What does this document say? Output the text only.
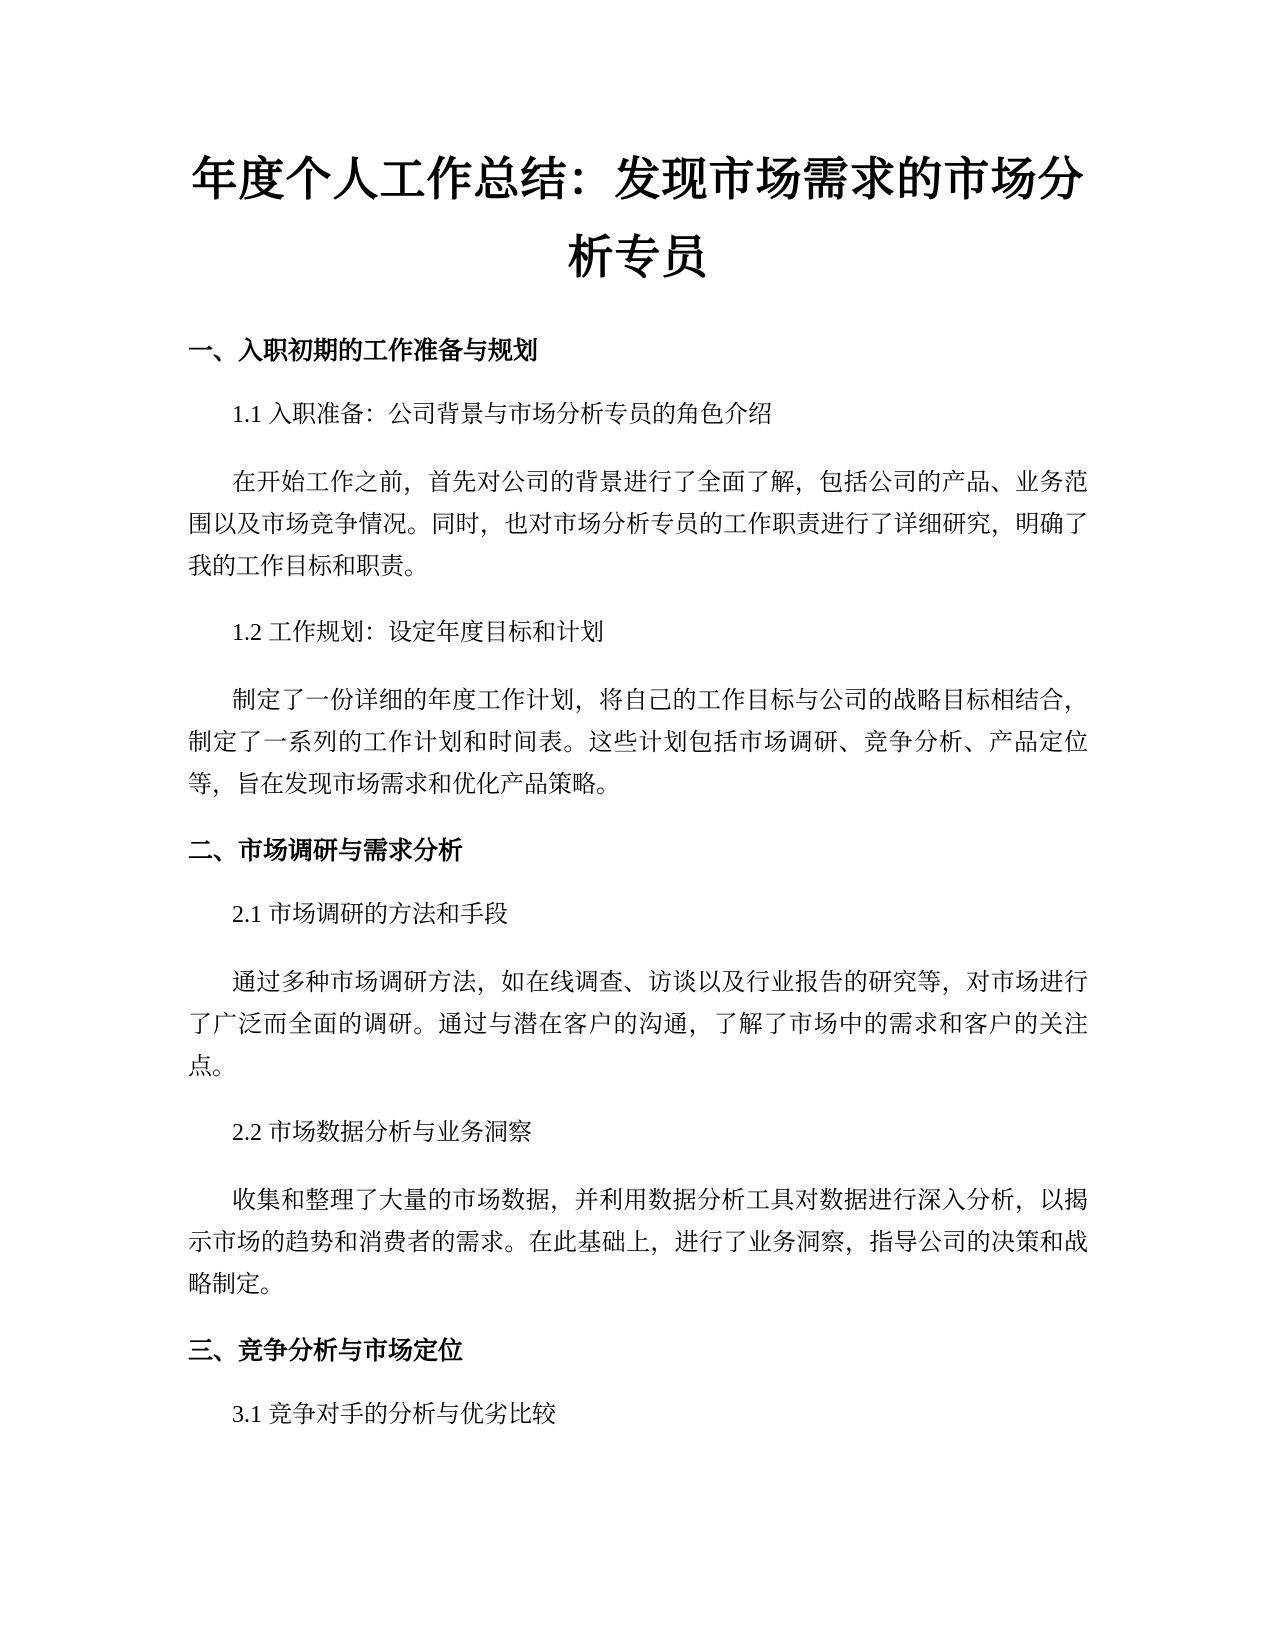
年度个人工作总结：发现市场需求的市场分析专员
一、入职初期的工作准备与规划

1.1 入职准备：公司背景与市场分析专员的角色介绍

在开始工作之前，首先对公司的背景进行了全面了解，包括公司的产品、业务范围以及市场竞争情况。同时，也对市场分析专员的工作职责进行了详细研究，明确了我的工作目标和职责。

1.2 工作规划：设定年度目标和计划

制定了一份详细的年度工作计划，将自己的工作目标与公司的战略目标相结合，制定了一系列的工作计划和时间表。这些计划包括市场调研、竞争分析、产品定位等，旨在发现市场需求和优化产品策略。

二、市场调研与需求分析

2.1 市场调研的方法和手段

通过多种市场调研方法，如在线调查、访谈以及行业报告的研究等，对市场进行了广泛而全面的调研。通过与潜在客户的沟通，了解了市场中的需求和客户的关注点。

2.2 市场数据分析与业务洞察

收集和整理了大量的市场数据，并利用数据分析工具对数据进行深入分析，以揭示市场的趋势和消费者的需求。在此基础上，进行了业务洞察，指导公司的决策和战略制定。

三、竞争分析与市场定位

3.1 竞争对手的分析与优劣比较
